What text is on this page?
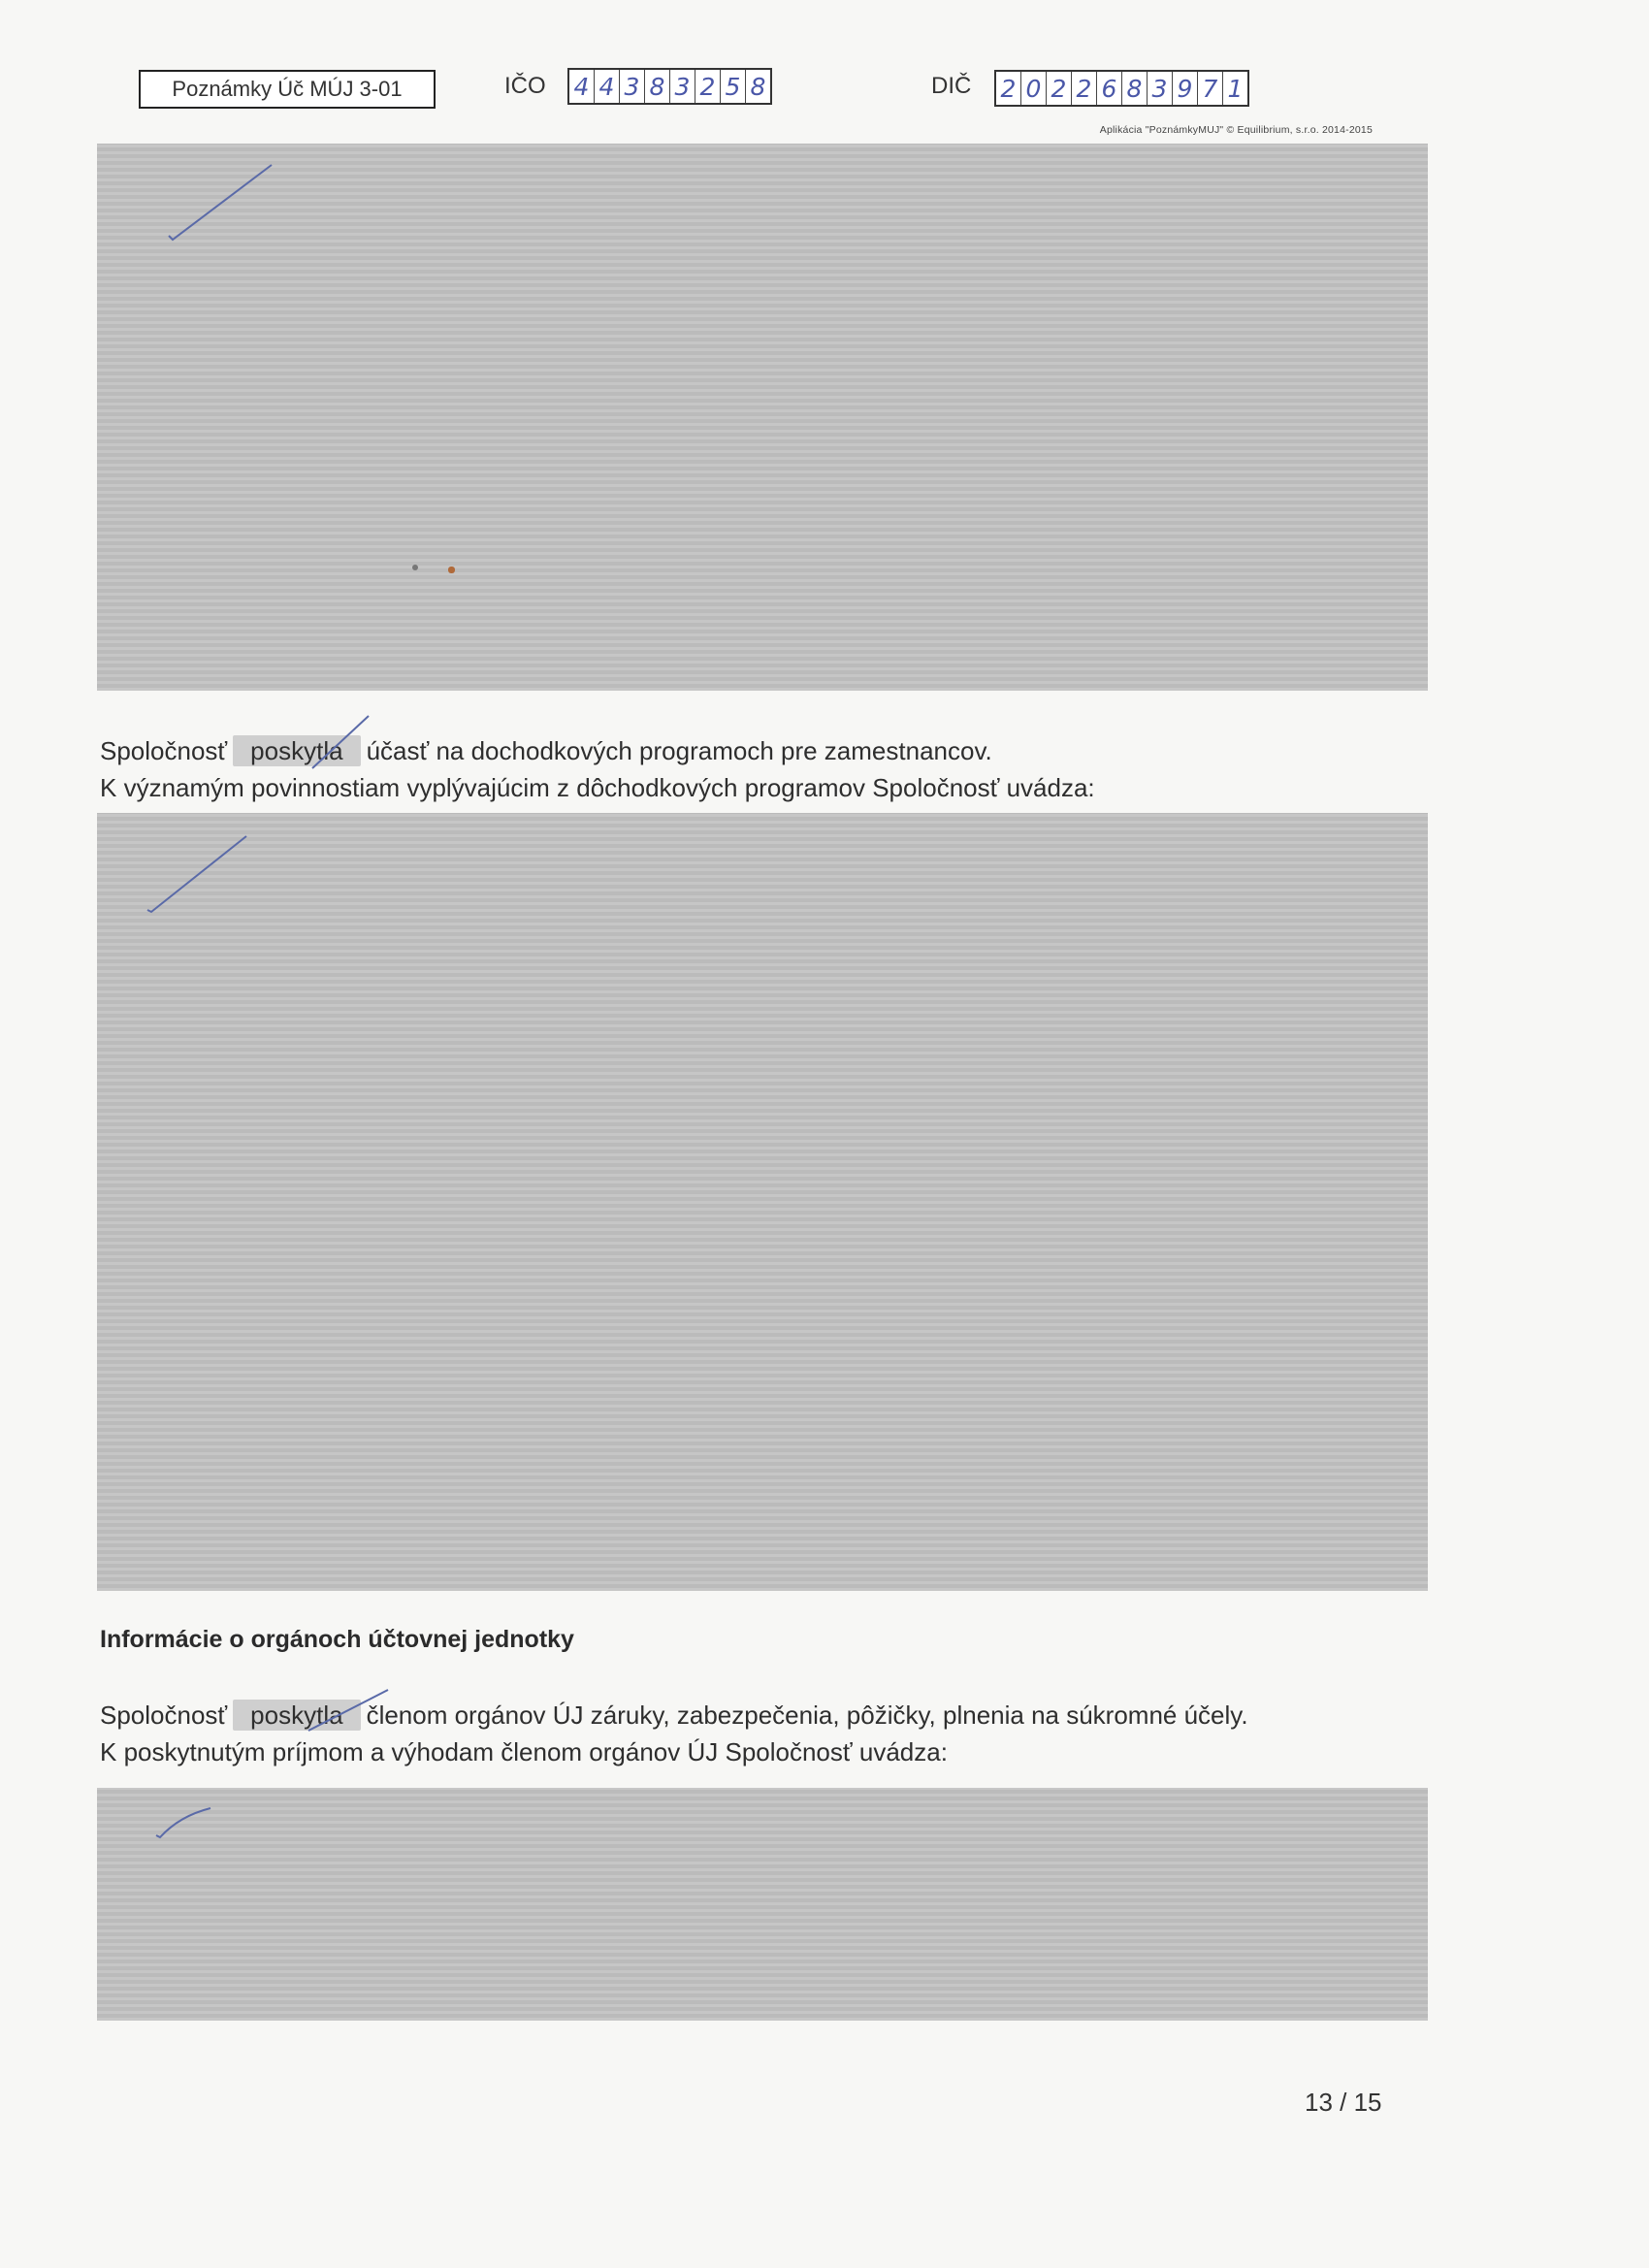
Poznámky Úč MÚJ 3-01	IČO 4 4 3 8 3 2 5 8	DIČ 2 0 2 2 6 8 3 9 7 1
Aplikácia "PoznámkyMUJ" © Equilibrium, s.r.o. 2014-2015
Spoločnosť poskytla účasť na dochodkových programoch pre zamestnancov.
K významým povinnostiam vyplývajúcim z dôchodkových programov Spoločnosť uvádza:
Informácie o orgánoch účtovnej jednotky
Spoločnosť poskytla členom orgánov ÚJ záruky, zabezpečenia, pôžičky, plnenia na súkromné účely.
K poskytnutým príjmom a výhodam členom orgánov ÚJ Spoločnosť uvádza:
13 / 15
